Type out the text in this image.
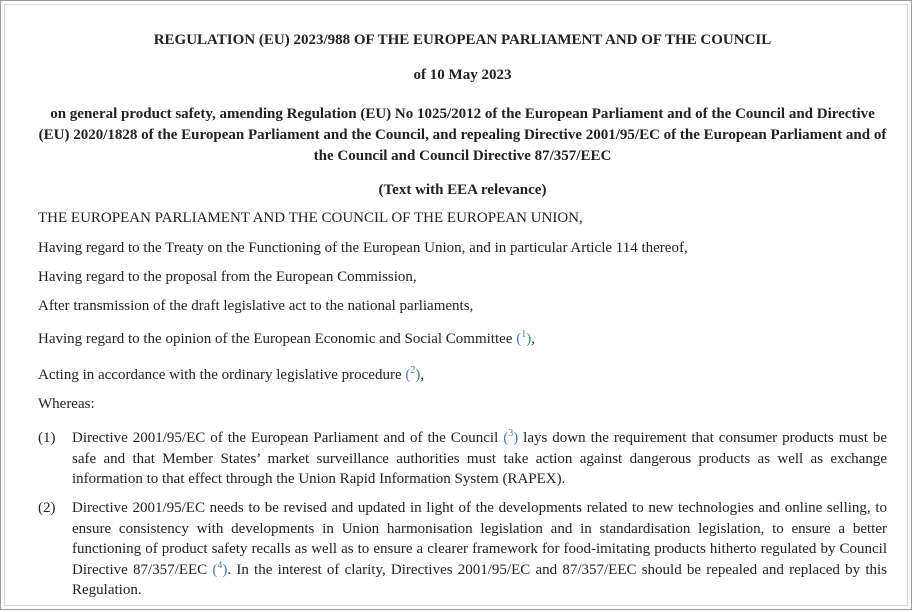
REGULATION (EU) 2023/988 OF THE EUROPEAN PARLIAMENT AND OF THE COUNCIL

of 10 May 2023

on general product safety, amending Regulation (EU) No 1025/2012 of the European Parliament and of the Council and Directive (EU) 2020/1828 of the European Parliament and the Council, and repealing Directive 2001/95/EC of the European Parliament and of the Council and Council Directive 87/357/EEC

(Text with EEA relevance)

THE EUROPEAN PARLIAMENT AND THE COUNCIL OF THE EUROPEAN UNION,

Having regard to the Treaty on the Functioning of the European Union, and in particular Article 114 thereof,

Having regard to the proposal from the European Commission,

After transmission of the draft legislative act to the national parliaments,

Having regard to the opinion of the European Economic and Social Committee ($^1$),

Acting in accordance with the ordinary legislative procedure ($^2$),

Whereas:

(1) Directive 2001/95/EC of the European Parliament and of the Council ($^3$) lays down the requirement that consumer products must be safe and that Member States’ market surveillance authorities must take action against dangerous products as well as exchange information to that effect through the Union Rapid Information System (RAPEX).
(2) Directive 2001/95/EC needs to be revised and updated in light of the developments related to new technologies and online selling, to ensure consistency with developments in Union harmonisation legislation and in standardisation legislation, to ensure a better functioning of product safety recalls as well as to ensure a clearer framework for food-imitating products hitherto regulated by Council Directive 87/357/EEC ($^4$). In the interest of clarity, Directives 2001/95/EC and 87/357/EEC should be repealed and replaced by this Regulation.
